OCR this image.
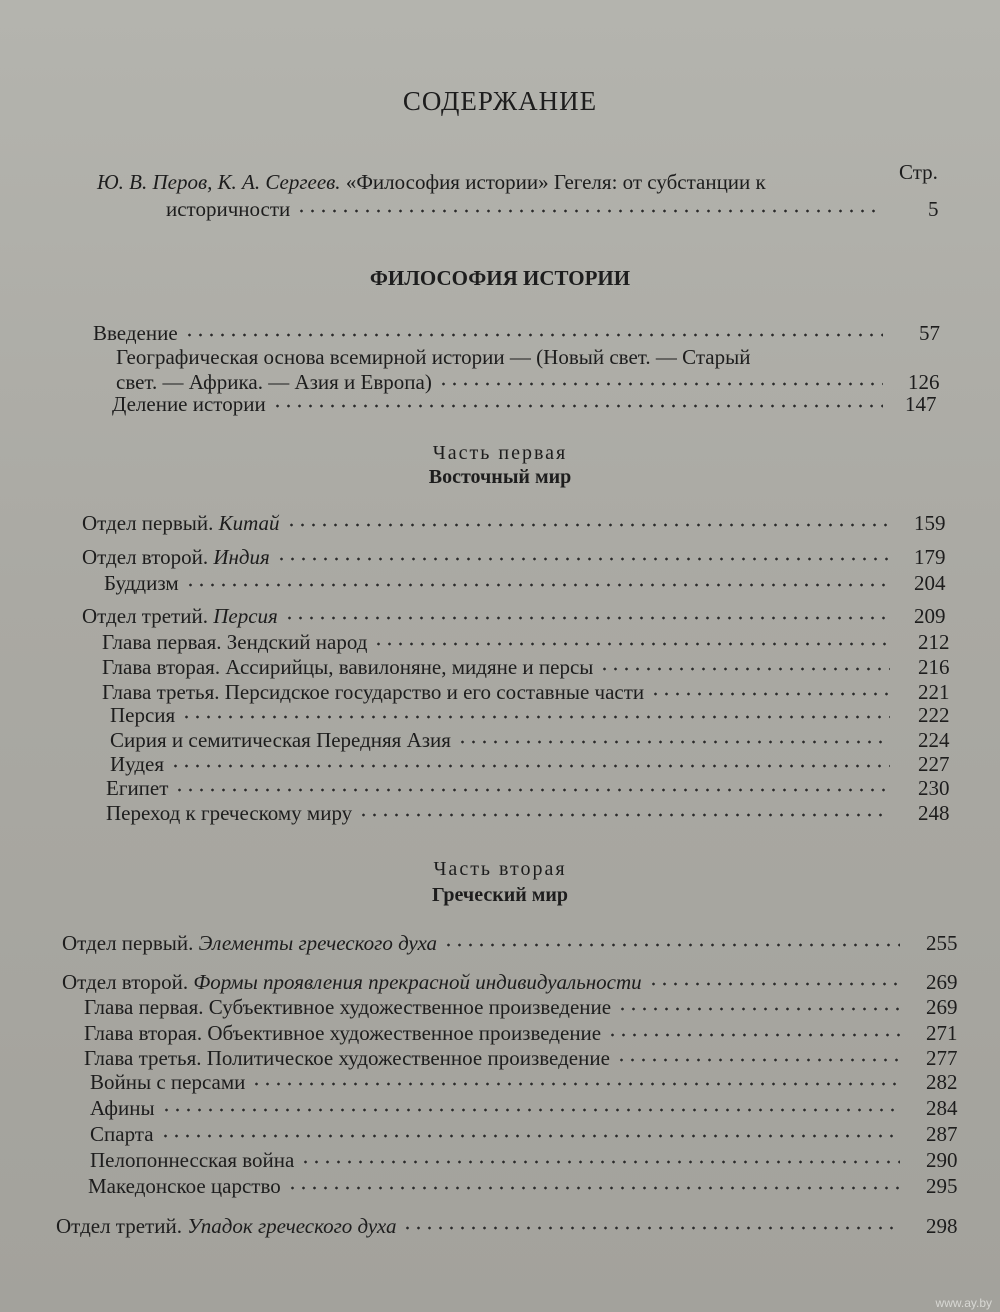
СОДЕРЖАНИЕ
Стр.
Ю. В. Перов, К. А. Сергеев. «Философия истории» Гегеля: от субстанции к
историчности	5
ФИЛОСОФИЯ ИСТОРИИ
Введение	57
Географическая основа всемирной истории — (Новый свет. — Старый
свет. — Африка. — Азия и Европа)	126
Деление истории	147
Часть первая
Восточный мир
Отдел первый. Китай	159
Отдел второй. Индия	179
Буддизм	204
Отдел третий. Персия	209
Глава первая. Зендский народ	212
Глава вторая. Ассирийцы, вавилоняне, мидяне и персы	216
Глава третья. Персидское государство и его составные части	221
Персия	222
Сирия и семитическая Передняя Азия	224
Иудея	227
Египет	230
Переход к греческому миру	248
Часть вторая
Греческий мир
Отдел первый. Элементы греческого духа	255
Отдел второй. Формы проявления прекрасной индивидуальности	269
Глава первая. Субъективное художественное произведение	269
Глава вторая. Объективное художественное произведение	271
Глава третья. Политическое художественное произведение	277
Войны с персами	282
Афины	284
Спарта	287
Пелопоннесская война	290
Македонское царство	295
Отдел третий. Упадок греческого духа	298
www.ay.by
